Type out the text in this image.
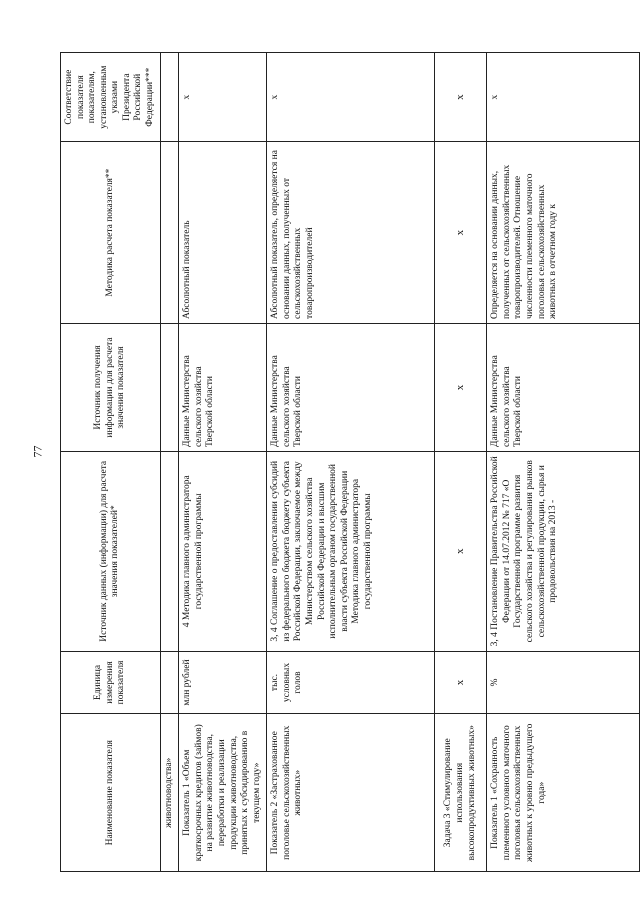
77
Наименование показателя	Единица измерения показателя	Источник данных (информации) для расчета значения показателей*	Источник получения информации для расчета значения показателя	Методика расчета показателя**	Соответствие показателя показателям, установленным указами Президента Российской Федерации***
животноводства»					
Показатель 1 «Объем краткосрочных кредитов (займов) на развитие животноводства, переработки и реализации продукции животноводства, принятых к субсидированию в текущем году»	млн рублей	4 Методика главного администратора государственной программы	Данные Министерства сельского хозяйства Тверской области	Абсолютный показатель	x
Показатель 2 «Застрахованное поголовье сельскохозяйственных животных»	тыс. условных голов	3, 4 Соглашение о предоставлении субсидий из федерального бюджета бюджету субъекта Российской Федерации, заключаемое между Министерством сельского хозяйства Российской Федерации и высшим исполнительным органом государственной власти субъекта Российской Федерации Методика главного администратора государственной программы	Данные Министерства сельского хозяйства Тверской области	Абсолютный показатель, определяется на основании данных, полученных от сельскохозяйственных товаропроизводителей	x
Задача 3 «Стимулирование использования высокопродуктивных животных»	x	x	x	x	x
Показатель 1 «Сохранность племенного условного маточного поголовья сельскохозяйственных животных к уровню предыдущего года»	%	3, 4 Постановление Правительства Российской Федерации от 14.07.2012 № 717 «О Государственной программе развития сельского хозяйства и регулирования рынков сельскохозяйственной продукции, сырья и продовольствия на 2013 -	Данные Министерства сельского хозяйства Тверской области	Определяется на основании данных, полученных от сельскохозяйственных товаропроизводителей. Отношение численности племенного маточного поголовья сельскохозяйственных животных в отчетном году к	x
